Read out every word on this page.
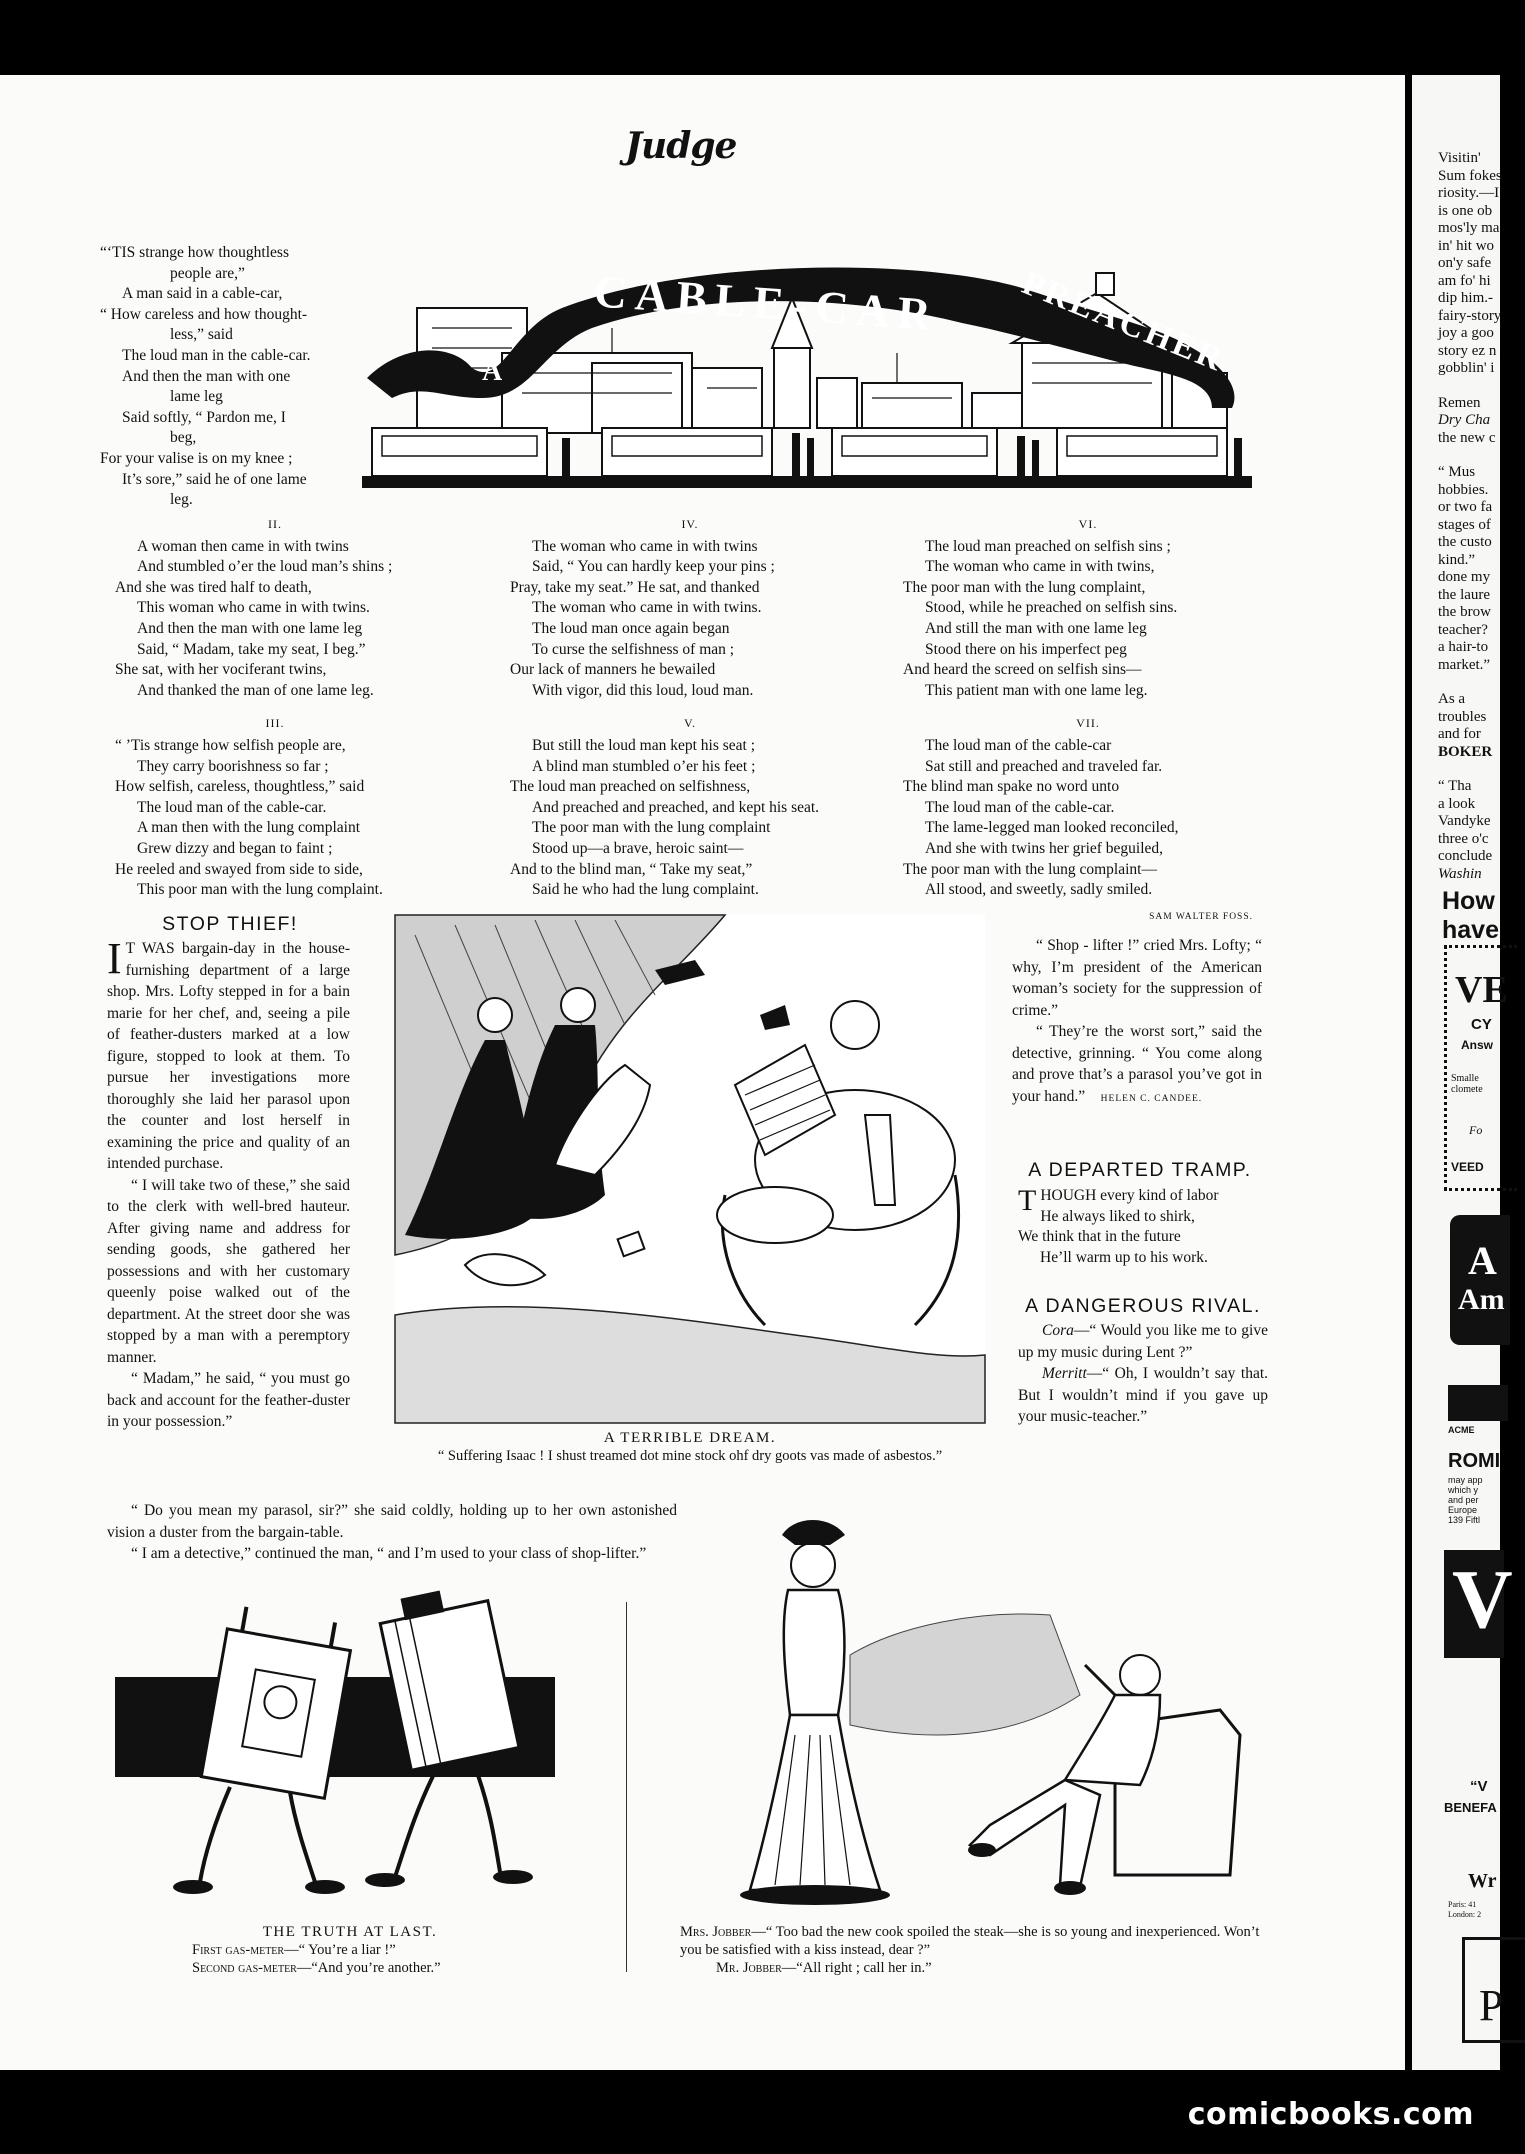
Judge
A
CABLE-CAR PREACHER
“‘TIS strange how thoughtless
people are,”
A man said in a cable-car,
“ How careless and how thought-
less,” said
The loud man in the cable-car.
And then the man with one
lame leg
Said softly, “ Pardon me, I
beg,
For your valise is on my knee ;
It’s sore,” said he of one lame
leg.
II.
A woman then came in with twins
And stumbled o’er the loud man’s shins ;
And she was tired half to death,
This woman who came in with twins.
And then the man with one lame leg
Said, “ Madam, take my seat, I beg.”
She sat, with her vociferant twins,
And thanked the man of one lame leg.
III.
“ ’Tis strange how selfish people are,
They carry boorishness so far ;
How selfish, careless, thoughtless,” said
The loud man of the cable-car.
A man then with the lung complaint
Grew dizzy and began to faint ;
He reeled and swayed from side to side,
This poor man with the lung complaint.
IV.
The woman who came in with twins
Said, “ You can hardly keep your pins ;
Pray, take my seat.” He sat, and thanked
The woman who came in with twins.
The loud man once again began
To curse the selfishness of man ;
Our lack of manners he bewailed
With vigor, did this loud, loud man.
V.
But still the loud man kept his seat ;
A blind man stumbled o’er his feet ;
The loud man preached on selfishness,
And preached and preached, and kept his seat.
The poor man with the lung complaint
Stood up—a brave, heroic saint—
And to the blind man, “ Take my seat,”
Said he who had the lung complaint.
VI.
The loud man preached on selfish sins ;
The woman who came in with twins,
The poor man with the lung complaint,
Stood, while he preached on selfish sins.
And still the man with one lame leg
Stood there on his imperfect peg
And heard the screed on selfish sins—
This patient man with one lame leg.
VII.
The loud man of the cable-car
Sat still and preached and traveled far.
The blind man spake no word unto
The loud man of the cable-car.
The lame-legged man looked reconciled,
And she with twins her grief beguiled,
The poor man with the lung complaint—
All stood, and sweetly, sadly smiled.
SAM WALTER FOSS.
STOP THIEF!

I T WAS bargain-day in the house-furnishing department of a large shop. Mrs. Lofty stepped in for a bain marie for her chef, and, seeing a pile of feather-dusters marked at a low figure, stopped to look at them. To pursue her investigations more thoroughly she laid her parasol upon the counter and lost herself in examining the price and quality of an intended purchase.

“ I will take two of these,” she said to the clerk with well-bred hauteur. After giving name and address for sending goods, she gathered her possessions and with her customary queenly poise walked out of the department. At the street door she was stopped by a man with a peremptory manner.

“ Madam,” he said, “ you must go back and account for the feather-duster in your possession.”

“ Do you mean my parasol, sir?” she said coldly, holding up to her own astonished vision a duster from the bargain-table.

“ I am a detective,” continued the man, “ and I’m used to your class of shop-lifter.”

A TERRIBLE DREAM.
“ Suffering Isaac ! I shust treamed dot mine stock ohf dry goots vas made of asbestos.”

“ Shop - lifter !” cried Mrs. Lofty; “ why, I’m president of the American woman’s society for the suppression of crime.”

“ They’re the worst sort,” said the detective, grinning. “ You come along and prove that’s a parasol you’ve got in your hand.” HELEN C. CANDEE.

A DEPARTED TRAMP.
THOUGH every kind of labor
He always liked to shirk,
We think that in the future
He’ll warm up to his work.
A DANGEROUS RIVAL.

Cora—“ Would you like me to give up my music during Lent ?”

Merritt—“ Oh, I wouldn’t say that. But I wouldn’t mind if you gave up your music-teacher.”

THE TRUTH AT LAST.
First gas-meter—“ You’re a liar !”
Second gas-meter—“And you’re another.”
Mrs. Jobber—“ Too bad the new cook spoiled the steak—she is so young and inexperienced. Won’t you be satisfied with a kiss instead, dear ?”
Mr. Jobber—“All right ; call her in.”
Visitin'
Sum fokes
riosity.—I
is one ob
mos'ly ma
in' hit wo
on'y safe
am fo' hi
dip him.-
fairy-story
joy a goo
story ez n
gobblin' i
Remen
Dry Cha
the new c
“ Mus
hobbies.
or two fa
stages of
the custo
kind.”
done my
the laure
the brow
teacher?
a hair-to
market.”
As a
troubles
and for
BOKER
“ Tha
a look
Vandyke
three o'c
conclude
Washin
How
have
VE
CY
Answ
Smalle
clomete
Fo
VEED
A
Am
ACME
ROMI
may app
which y
and per
Europe
139 Fiftl
V
“V
BENEFA
Wr
Paris: 41
London: 2
P
comicbooks.com
